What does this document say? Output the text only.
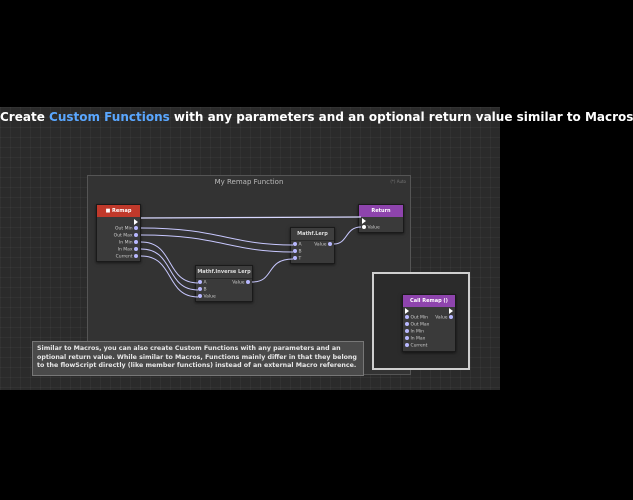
Create Custom Functions with any parameters and an optional return value similar to Macros
My Remap Function	(*) Auto
■ Remap
Out Min
Out Max
In Min
In Max
Current
Return
Value
Mathf.Lerp
A
B
T
Value
Mathf.Inverse Lerp
A
B
Value
Value
Call Remap ()
Out Min
Out Max
In Min
In Max
Current
Value
Similar to Macros, you can also create Custom Functions with any parameters and an optional return value. While similar to Macros, Functions mainly differ in that they belong to the flowScript directly (like member functions) instead of an external Macro reference.
